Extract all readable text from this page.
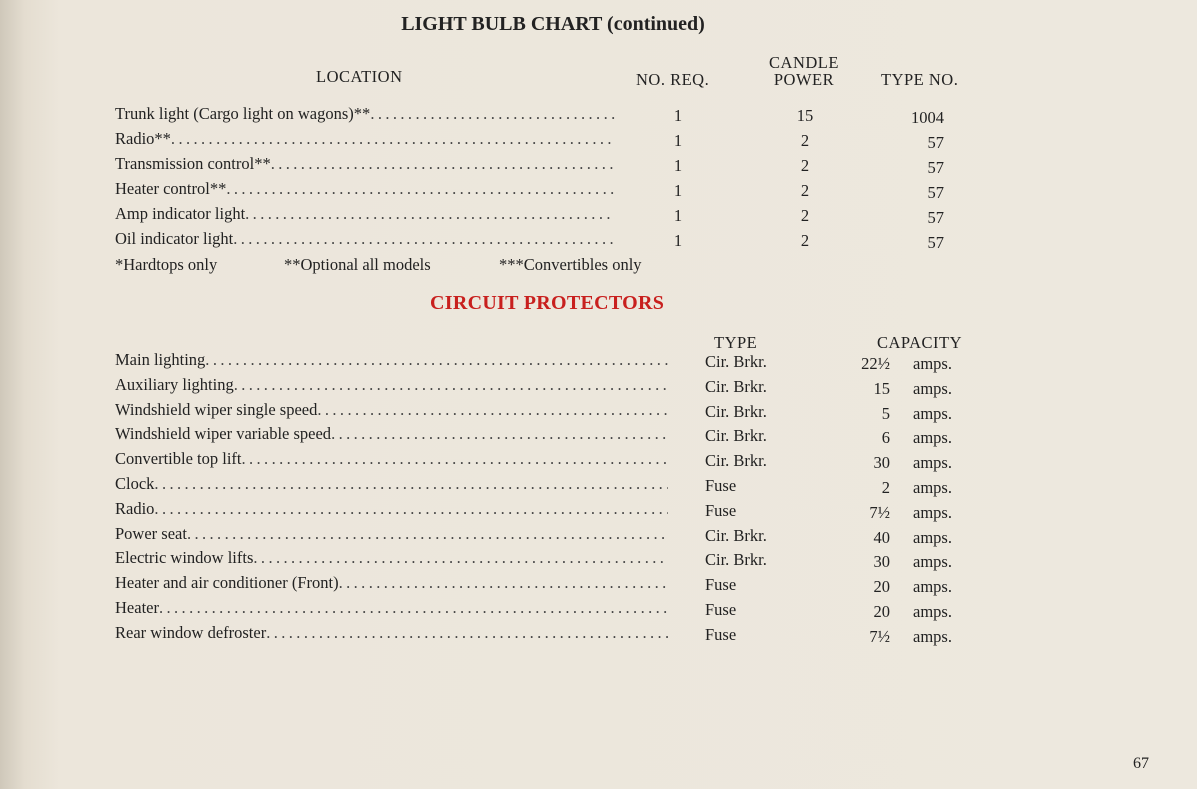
LIGHT BULB CHART (continued)
LOCATION	NO. REQ.
CANDLE
POWER	TYPE NO.
Trunk light (Cargo light on wagons)** .....	1	15	1004
Radio** .....	1	2	57
Transmission control** .....	1	2	57
Heater control** .....	1	2	57
Amp indicator light .....	1	2	57
Oil indicator light .....	1	2	57
*Hardtops only	**Optional all models	***Convertibles only
CIRCUIT PROTECTORS
TYPE	CAPACITY
Main lighting .....	Cir. Brkr.	22½ amps.
Auxiliary lighting .....	Cir. Brkr.	15 amps.
Windshield wiper single speed .....	Cir. Brkr.	5 amps.
Windshield wiper variable speed .....	Cir. Brkr.	6 amps.
Convertible top lift .....	Cir. Brkr.	30 amps.
Clock .....	Fuse	2 amps.
Radio .....	Fuse	7½ amps.
Power seat .....	Cir. Brkr.	40 amps.
Electric window lifts .....	Cir. Brkr.	30 amps.
Heater and air conditioner (Front) .....	Fuse	20 amps.
Heater .....	Fuse	20 amps.
Rear window defroster .....	Fuse	7½ amps.
67
